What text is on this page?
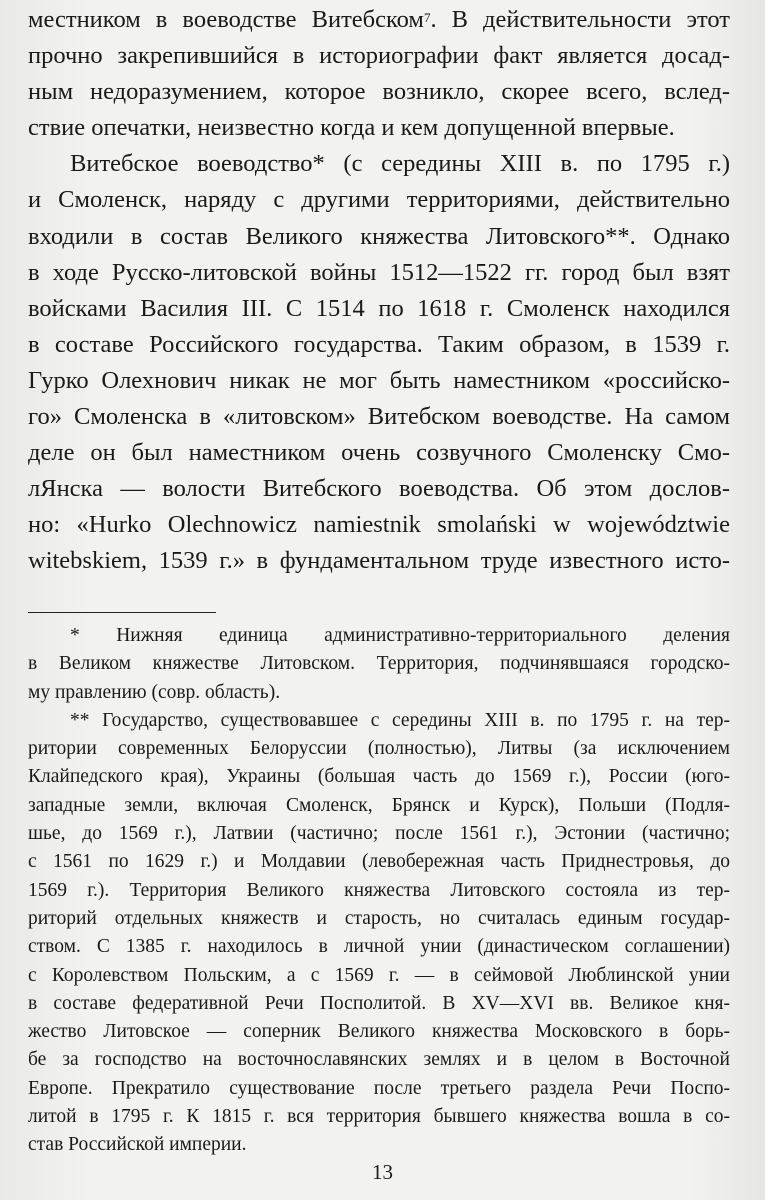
местником в воеводстве Витебском$^7$. В действительности этот
прочно закрепившийся в историографии факт является досад-
ным недоразумением, которое возникло, скорее всего, вслед-
ствие опечатки, неизвестно когда и кем допущенной впервые.

Витебское воеводство* (с середины XIII в. по 1795 г.)
и Смоленск, наряду с другими территориями, действительно
входили в состав Великого княжества Литовского**. Однако
в ходе Русско-литовской войны 1512—1522 гг. город был взят
войсками Василия III. С 1514 по 1618 г. Смоленск находился
в составе Российского государства. Таким образом, в 1539 г.
Гурко Олехнович никак не мог быть наместником «российско-
го» Смоленска в «литовском» Витебском воеводстве. На самом
деле он был наместником очень созвучного Смоленску Смо-
лЯнска — волости Витебского воеводства. Об этом дослов-
но: «Hurko Olechnowicz namiestnik smolański w województwie
witebskiem, 1539 г.» в фундаментальном труде известного исто-

* Нижняя единица административно-территориального деления
в Великом княжестве Литовском. Территория, подчинявшаяся городско-
му правлению (совр. область).
** Государство, существовавшее с середины XIII в. по 1795 г. на тер-
ритории современных Белоруссии (полностью), Литвы (за исключением
Клайпедского края), Украины (большая часть до 1569 г.), России (юго-
западные земли, включая Смоленск, Брянск и Курск), Польши (Подля-
шье, до 1569 г.), Латвии (частично; после 1561 г.), Эстонии (частично;
с 1561 по 1629 г.) и Молдавии (левобережная часть Приднестровья, до
1569 г.). Территория Великого княжества Литовского состояла из тер-
риторий отдельных княжеств и старость, но считалась единым государ-
ством. С 1385 г. находилось в личной унии (династическом соглашении)
с Королевством Польским, а с 1569 г. — в сеймовой Люблинской унии
в составе федеративной Речи Посполитой. В XV—XVI вв. Великое кня-
жество Литовское — соперник Великого княжества Московского в борь-
бе за господство на восточнославянских землях и в целом в Восточной
Европе. Прекратило существование после третьего раздела Речи Поспо-
литой в 1795 г. К 1815 г. вся территория бывшего княжества вошла в со-
став Российской империи.
13
